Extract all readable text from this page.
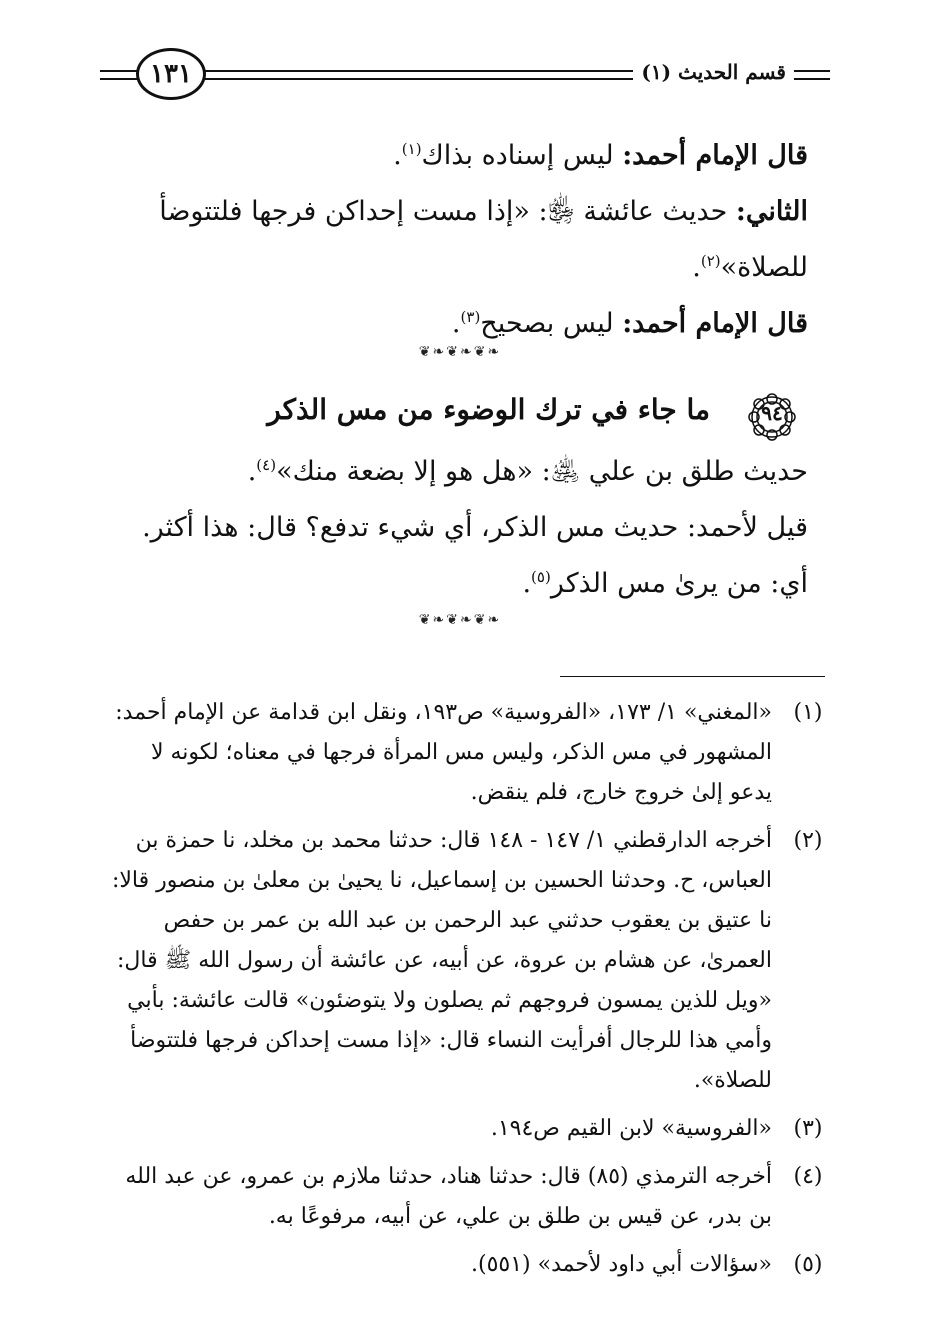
١٣١	قسم الحديث (١)

قال الإمام أحمد: ليس إسناده بذاك$^{(١)}$.

الثاني: حديث عائشة ﵂: «إذا مست إحداكن فرجها فلتتوضأ للصلاة»$^{(٢)}$.

قال الإمام أحمد: ليس بصحيح$^{(٣)}$.

❦❧❦❧❦❧
٩٤
ما جاء في ترك الوضوء من مس الذكر

حديث طلق بن علي ﵁: «هل هو إلا بضعة منك»$^{(٤)}$.

قيل لأحمد: حديث مس الذكر، أي شيء تدفع؟ قال: هذا أكثر. أي: من يرىٰ مس الذكر$^{(٥)}$.

❦❧❦❧❦❧
(١)
«المغني» ١/ ١٧٣، «الفروسية» ص١٩٣، ونقل ابن قدامة عن الإمام أحمد: المشهور في مس الذكر، وليس مس المرأة فرجها في معناه؛ لكونه لا يدعو إلىٰ خروج خارج، فلم ينقض.
(٢)
أخرجه الدارقطني ١/ ١٤٧ - ١٤٨ قال: حدثنا محمد بن مخلد، نا حمزة بن العباس، ح. وحدثنا الحسين بن إسماعيل، نا يحيىٰ بن معلىٰ بن منصور قالا: نا عتيق بن يعقوب حدثني عبد الرحمن بن عبد الله بن عمر بن حفص العمرىٰ، عن هشام بن عروة، عن أبيه، عن عائشة أن رسول الله ﷺ قال: «ويل للذين يمسون فروجهم ثم يصلون ولا يتوضئون» قالت عائشة: بأبي وأمي هذا للرجال أفرأيت النساء قال: «إذا مست إحداكن فرجها فلتتوضأ للصلاة».
(٣)
«الفروسية» لابن القيم ص١٩٤.
(٤)
أخرجه الترمذي (٨٥) قال: حدثنا هناد، حدثنا ملازم بن عمرو، عن عبد الله بن بدر، عن قيس بن طلق بن علي، عن أبيه، مرفوعًا به.
(٥)
«سؤالات أبي داود لأحمد» (٥٥١).
